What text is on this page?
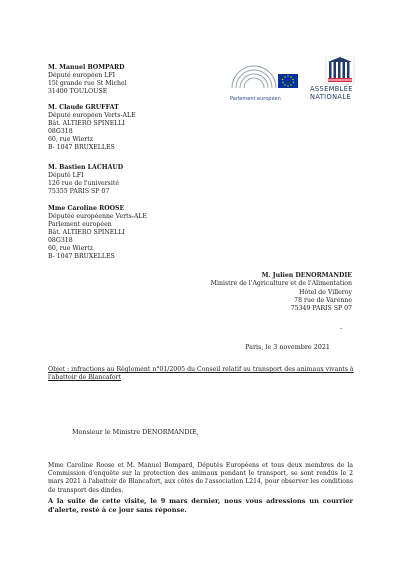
M. Manuel BOMPARD
Député européen LFI
15l grande rue St Michel
31400 TOULOUSE
M. Claude GRUFFAT
Député européen Verts-ALE
Bât. ALTIERO SPINELLI
08G318
60, rue Wiertz
B- 1047 BRUXELLES
M. Bastien LACHAUD
Député LFI
126 rue de l'université
75355 PARIS SP 07
Mme Caroline ROOSE
Députée européenne Verts-ALE
Parlement européen
Bât. ALTIERO SPINELLI
08G318
60, rue Wiertz
B- 1047 BRUXELLES
Parlement européen
ASSEMBLÉE
NATIONALE
M. Julien DENORMANDIE
Ministre de l'Agriculture et de l'Alimentation
Hôtel de Villeroy
78 rue de Varenne
75349 PARIS SP 07
-
Paris, le 3 novembre 2021
Objet : infractions au Règlement n°01/2005 du Conseil relatif au transport des animaux vivants à l'abattoir de Blancafort
Monsieur le Ministre DENORMANDIE,
Mme Caroline Roose et M. Manuel Bompard, Députés Européens et tous deux membres de la Commission d'enquête sur la protection des animaux pendant le transport, se sont rendus le 2 mars 2021 à l'abattoir de Blancafort, aux côtés de l'association L214, pour observer les conditions de transport des dindes.
A la suite de cette visite, le 9 mars dernier, nous vous adressions un courrier d'alerte, resté à ce jour sans réponse.
